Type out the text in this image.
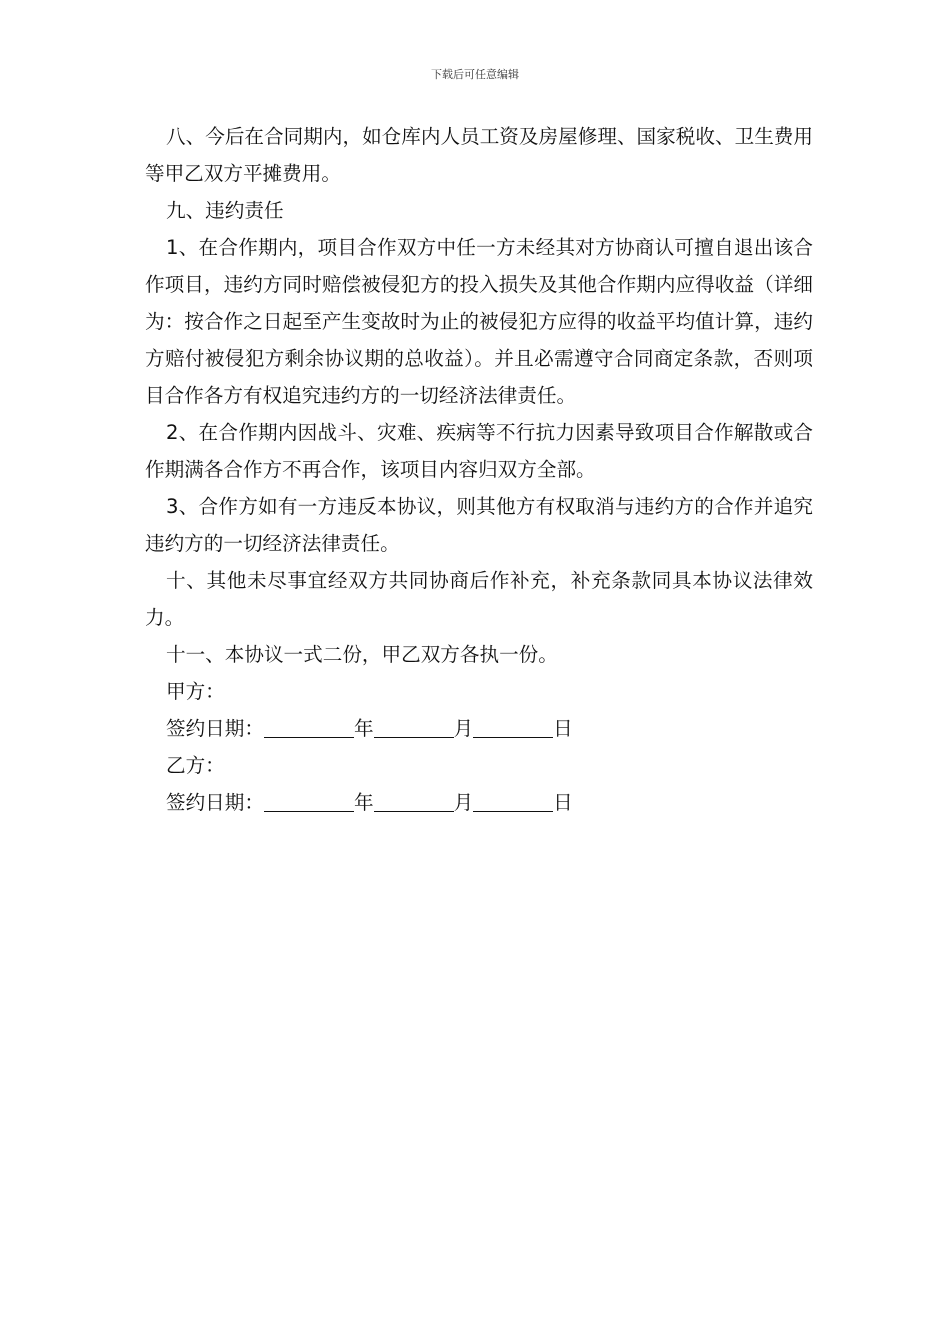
下载后可任意编辑

八、今后在合同期内，如仓库内人员工资及房屋修理、国家税收、卫生费用等甲乙双方平摊费用。

九、违约责任

1、在合作期内，项目合作双方中任一方未经其对方协商认可擅自退出该合作项目，违约方同时赔偿被侵犯方的投入损失及其他合作期内应得收益（详细为：按合作之日起至产生变故时为止的被侵犯方应得的收益平均值计算，违约方赔付被侵犯方剩余协议期的总收益）。并且必需遵守合同商定条款，否则项目合作各方有权追究违约方的一切经济法律责任。

2、在合作期内因战斗、灾难、疾病等不行抗力因素导致项目合作解散或合作期满各合作方不再合作，该项目内容归双方全部。

3、合作方如有一方违反本协议，则其他方有权取消与违约方的合作并追究违约方的一切经济法律责任。

十、其他未尽事宜经双方共同协商后作补充，补充条款同具本协议法律效力。

十一、本协议一式二份，甲乙双方各执一份。

甲方：

签约日期：	年	月	日

乙方：

签约日期：	年	月	日
